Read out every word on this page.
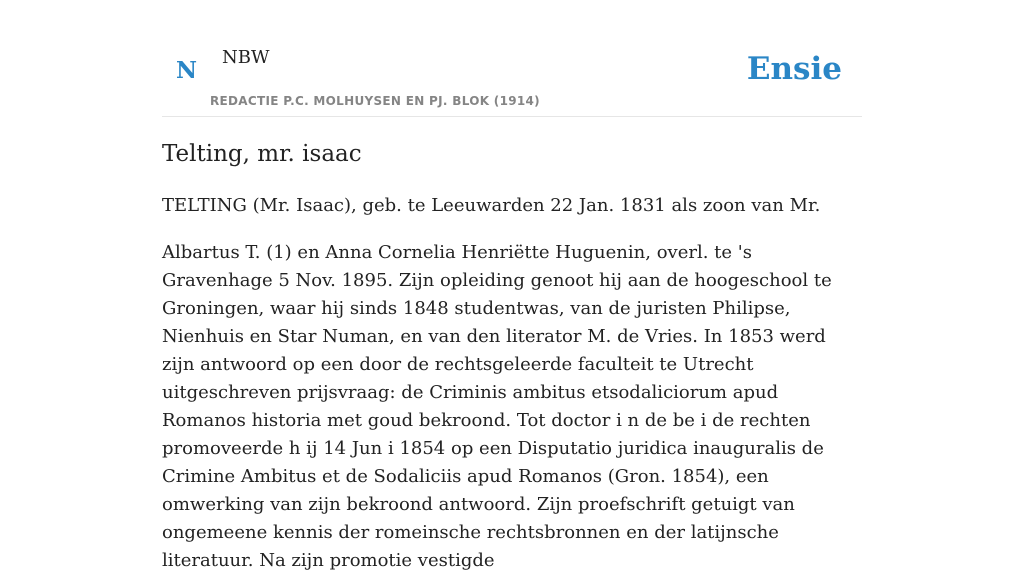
N NBW
REDACTIE P.C. MOLHUYSEN EN PJ. BLOK (1914)
Ensie
Telting, mr. isaac

TELTING (Mr. Isaac), geb. te Leeuwarden 22 Jan. 1831 als zoon van Mr.

Albartus T. (1) en Anna Cornelia Henriëtte Huguenin, overl. te 's Gravenhage 5 Nov. 1895. Zijn opleiding genoot hij aan de hoogeschool te Groningen, waar hij sinds 1848 studentwas, van de juristen Philipse, Nienhuis en Star Numan, en van den literator M. de Vries. In 1853 werd zijn antwoord op een door de rechtsgeleerde faculteit te Utrecht uitgeschreven prijsvraag: de Criminis ambitus etsodaliciorum apud Romanos historia met goud bekroond. Tot doctor i n de be i de rechten promoveerde h ij 14 Jun i 1854 op een Disputatio juridica inauguralis de Crimine Ambitus et de Sodaliciis apud Romanos (Gron. 1854), een omwerking van zijn bekroond antwoord. Zijn proefschrift getuigt van ongemeene kennis der romeinsche rechtsbronnen en der latijnsche literatuur. Na zijn promotie vestigde
